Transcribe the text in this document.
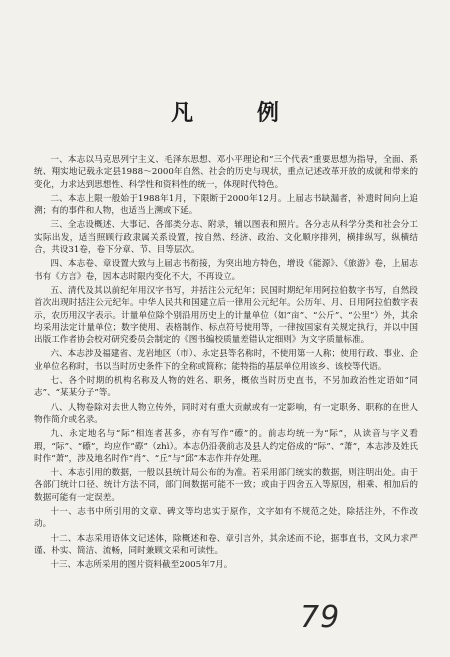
凡 例

一、本志以马克思列宁主义、毛泽东思想、邓小平理论和“三个代表”重要思想为指导，全面、系统、翔实地记载永定县1988～2000年自然、社会的历史与现状，重点记述改革开放的成就和带来的变化，力求达到思想性、科学性和资料性的统一，体现时代特色。

二、本志上限一般始于1988年1月，下限断于2000年12月。上届志书缺漏者，补遗时间向上追溯；有的事件和人物，也适当上溯或下延。

三、全志设概述、大事记、各部类分志、附录，辅以图表和照片。各分志从科学分类和社会分工实际出发，适当照顾行政隶属关系设置，按自然、经济、政治、文化顺序排列，横排纵写，纵横结合，共设31卷，卷下分章、节、目等层次。

四、本志卷、章设置大致与上届志书衔接，为突出地方特色，增设《能源》、《旅游》卷，上届志书有《方言》卷，因本志时限内变化不大，不再设立。

五、清代及其以前纪年用汉字书写，并括注公元纪年；民国时期纪年用阿拉伯数字书写，自然段首次出现时括注公元纪年。中华人民共和国建立后一律用公元纪年。公历年、月、日用阿拉伯数字表示，农历用汉字表示。计量单位除个别沿用历史上的计量单位（如“亩”、“公斤”、“公里”）外，其余均采用法定计量单位；数字使用、表格制作、标点符号使用等，一律按国家有关规定执行，并以中国出版工作者协会校对研究委员会制定的《图书编校质量差错认定细则》为文字质量标准。

六、本志涉及福建省、龙岩地区（市）、永定县等名称时，不使用第一人称；使用行政、事业、企业单位名称时，书以当时历史条件下的全称或简称；能特指的基层单位用该乡、该校等代语。

七、各个时期的机构名称及人物的姓名、职务，概依当时历史直书，不另加政治性定语如“同志”、“某某分子”等。

八、人物卷除对去世人物立传外，同时对有重大贡献或有一定影响，有一定职务、职称的在世人物作简介或名录。

九、永定地名与“际”相连者甚多，亦有写作“礤”的。前志均统一为“际”，从读音与字义看瑕，“际”、“礤”，均应作“磜”（zhì）。本志仍沿袭前志及县人约定俗成的“际”、“萧”，本志涉及姓氏时作“萧”，涉及地名时作“肖”、“丘”与“邱”本志作并存处理。

十、本志引用的数据，一般以县统计局公布的为准。若采用部门统实的数据，则注明出处。由于各部门统计口径、统计方法不同，部门间数据可能不一致；或由于四舍五入等原因，相乘、相加后的数据可能有一定误差。

十一、志书中所引用的文章、碑文等均忠实于原作，文字如有不规范之处，除括注外，不作改动。

十二、本志采用语体文记述体，除概述和卷、章引言外，其余述而不论，据事直书，文风力求严谨、朴实、简洁、流畅，同时兼顾文采和可读性。

十三、本志所采用的图片资料截至2005年7月。

79
